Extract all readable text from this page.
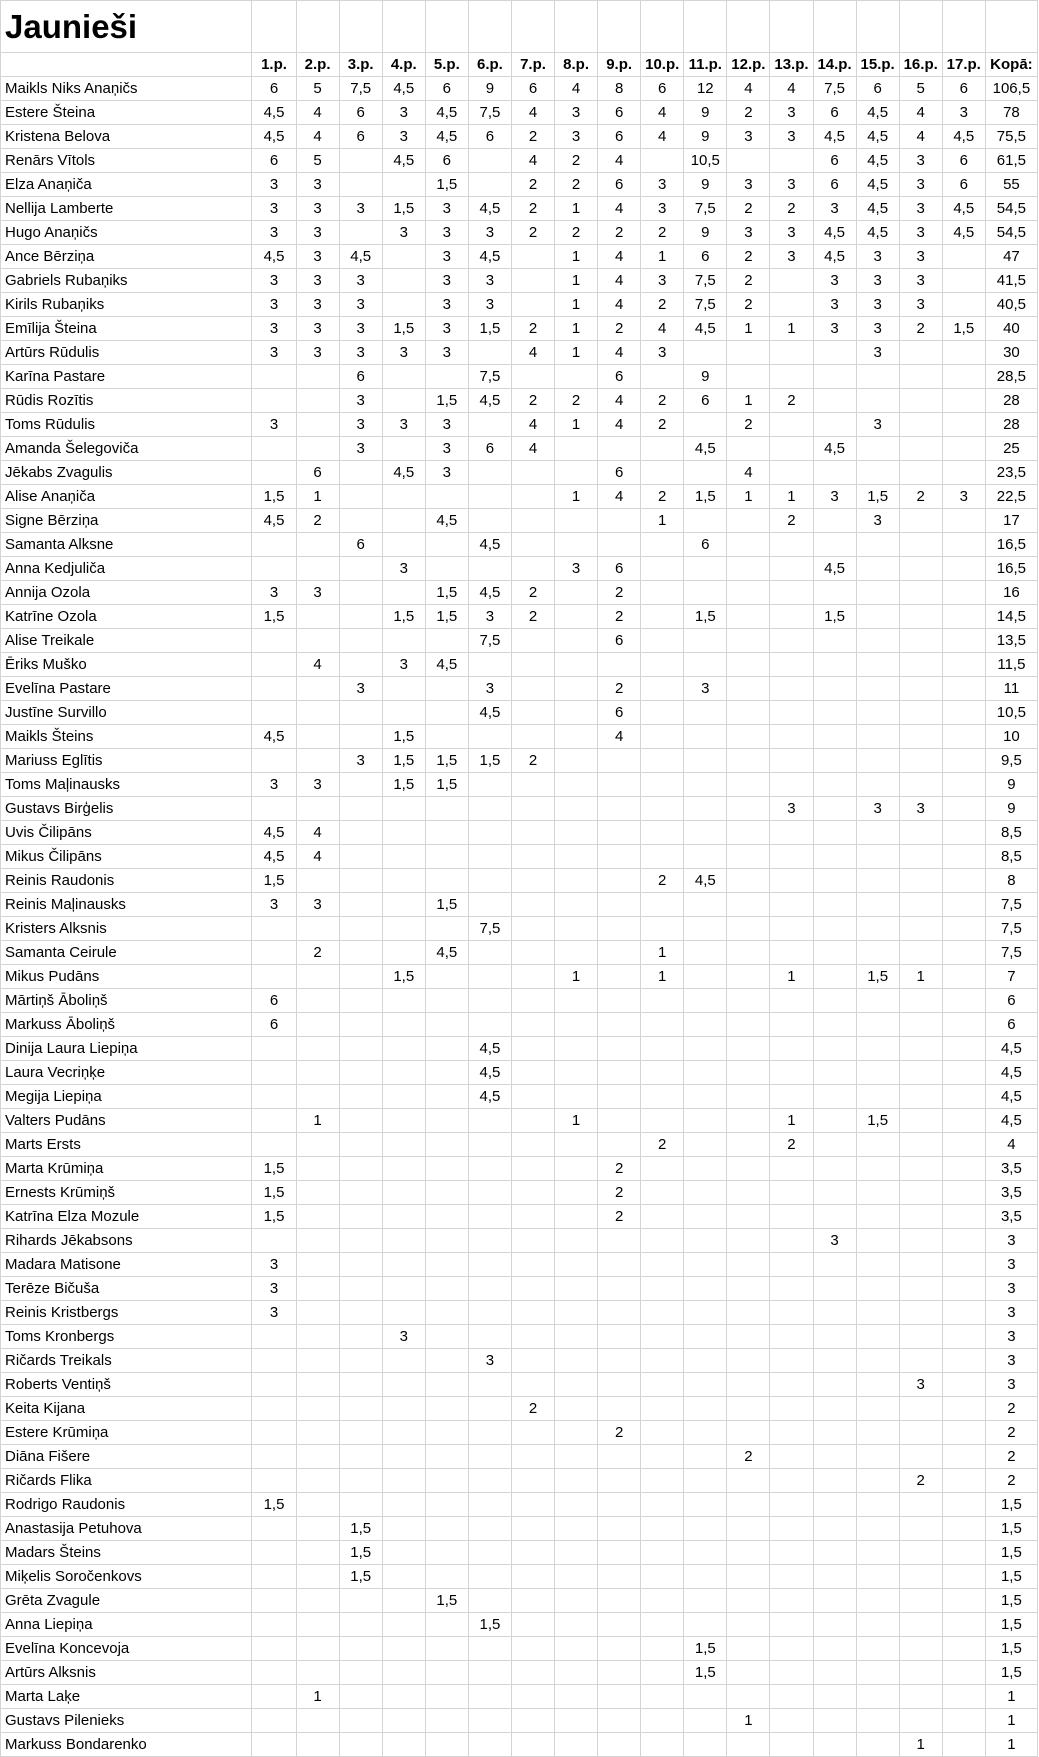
Jaunieši																		
	1.p.	2.p.	3.p.	4.p.	5.p.	6.p.	7.p.	8.p.	9.p.	10.p.	11.p.	12.p.	13.p.	14.p.	15.p.	16.p.	17.p.	Kopā:
Maikls Niks Anaņičs	6	5	7,5	4,5	6	9	6	4	8	6	12	4	4	7,5	6	5	6	106,5
Estere Šteina	4,5	4	6	3	4,5	7,5	4	3	6	4	9	2	3	6	4,5	4	3	78
Kristena Belova	4,5	4	6	3	4,5	6	2	3	6	4	9	3	3	4,5	4,5	4	4,5	75,5
Renārs Vītols	6	5		4,5	6		4	2	4		10,5			6	4,5	3	6	61,5
Elza Anaņiča	3	3			1,5		2	2	6	3	9	3	3	6	4,5	3	6	55
Nellija Lamberte	3	3	3	1,5	3	4,5	2	1	4	3	7,5	2	2	3	4,5	3	4,5	54,5
Hugo Anaņičs	3	3		3	3	3	2	2	2	2	9	3	3	4,5	4,5	3	4,5	54,5
Ance Bērziņa	4,5	3	4,5		3	4,5		1	4	1	6	2	3	4,5	3	3		47
Gabriels Rubaņiks	3	3	3		3	3		1	4	3	7,5	2		3	3	3		41,5
Kirils Rubaņiks	3	3	3		3	3		1	4	2	7,5	2		3	3	3		40,5
Emīlija Šteina	3	3	3	1,5	3	1,5	2	1	2	4	4,5	1	1	3	3	2	1,5	40
Artūrs Rūdulis	3	3	3	3	3		4	1	4	3					3			30
Karīna Pastare			6			7,5			6		9							28,5
Rūdis Rozītis			3		1,5	4,5	2	2	4	2	6	1	2					28
Toms Rūdulis	3		3	3	3		4	1	4	2		2			3			28
Amanda Šelegoviča			3		3	6	4				4,5			4,5				25
Jēkabs Zvagulis		6		4,5	3				6			4						23,5
Alise Anaņiča	1,5	1						1	4	2	1,5	1	1	3	1,5	2	3	22,5
Signe Bērziņa	4,5	2			4,5					1			2		3			17
Samanta Alksne			6			4,5					6							16,5
Anna Kedjuliča				3				3	6					4,5				16,5
Annija Ozola	3	3			1,5	4,5	2		2									16
Katrīne Ozola	1,5			1,5	1,5	3	2		2		1,5			1,5				14,5
Alise Treikale						7,5			6									13,5
Ēriks Muško		4		3	4,5													11,5
Evelīna Pastare			3			3			2		3							11
Justīne Survillo						4,5			6									10,5
Maikls Šteins	4,5			1,5					4									10
Mariuss Eglītis			3	1,5	1,5	1,5	2											9,5
Toms Maļinausks	3	3		1,5	1,5													9
Gustavs Birģelis													3		3	3		9
Uvis Čilipāns	4,5	4																8,5
Mikus Čilipāns	4,5	4																8,5
Reinis Raudonis	1,5									2	4,5							8
Reinis Maļinausks	3	3			1,5													7,5
Kristers Alksnis						7,5												7,5
Samanta Ceirule		2			4,5					1								7,5
Mikus Pudāns				1,5				1		1			1		1,5	1		7
Mārtiņš Āboliņš	6																	6
Markuss Āboliņš	6																	6
Dinija Laura Liepiņa						4,5												4,5
Laura Vecriņķe						4,5												4,5
Megija Liepiņa						4,5												4,5
Valters Pudāns		1						1					1		1,5			4,5
Marts Ersts										2			2					4
Marta Krūmiņa	1,5								2									3,5
Ernests Krūmiņš	1,5								2									3,5
Katrīna Elza Mozule	1,5								2									3,5
Rihards Jēkabsons														3				3
Madara Matisone	3																	3
Terēze Bičuša	3																	3
Reinis Kristbergs	3																	3
Toms Kronbergs				3														3
Ričards Treikals						3												3
Roberts Ventiņš																3		3
Keita Kijana							2											2
Estere Krūmiņa									2									2
Diāna Fišere												2						2
Ričards Flika																2		2
Rodrigo Raudonis	1,5																	1,5
Anastasija Petuhova			1,5															1,5
Madars Šteins			1,5															1,5
Miķelis Soročenkovs			1,5															1,5
Grēta Zvagule					1,5													1,5
Anna Liepiņa						1,5												1,5
Evelīna Koncevoja											1,5							1,5
Artūrs Alksnis											1,5							1,5
Marta Laķe		1																1
Gustavs Pilenieks												1						1
Markuss Bondarenko																1		1
